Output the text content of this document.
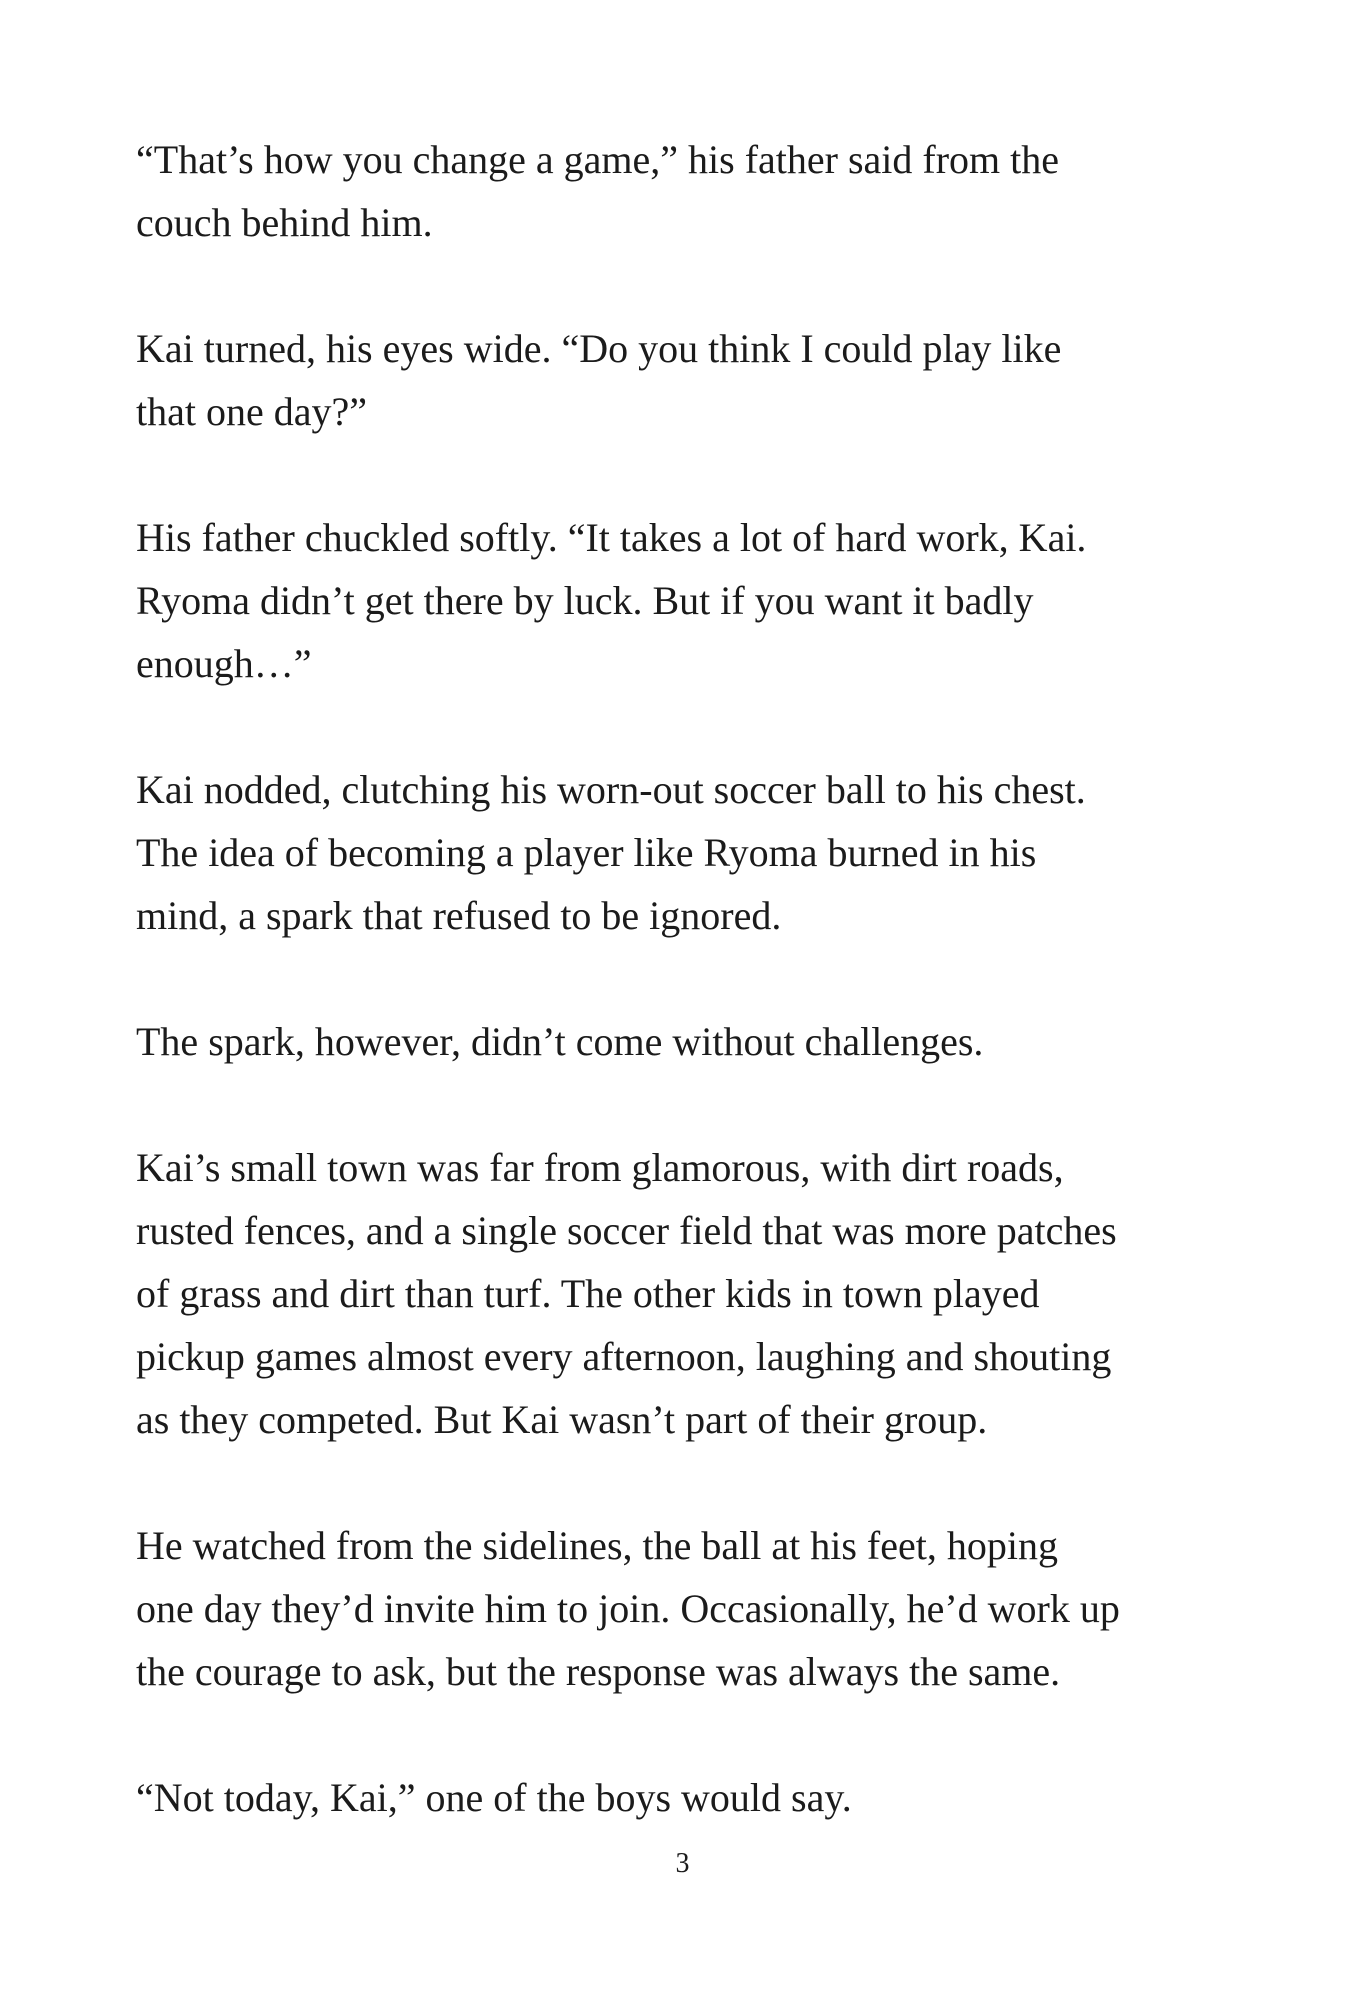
“That’s how you change a game,” his father said from the
couch behind him.

Kai turned, his eyes wide. “Do you think I could play like
that one day?”

His father chuckled softly. “It takes a lot of hard work, Kai.
Ryoma didn’t get there by luck. But if you want it badly
enough…”

Kai nodded, clutching his worn-out soccer ball to his chest.
The idea of becoming a player like Ryoma burned in his
mind, a spark that refused to be ignored.

The spark, however, didn’t come without challenges.

Kai’s small town was far from glamorous, with dirt roads,
rusted fences, and a single soccer field that was more patches
of grass and dirt than turf. The other kids in town played
pickup games almost every afternoon, laughing and shouting
as they competed. But Kai wasn’t part of their group.

He watched from the sidelines, the ball at his feet, hoping
one day they’d invite him to join. Occasionally, he’d work up
the courage to ask, but the response was always the same.

“Not today, Kai,” one of the boys would say.

3
